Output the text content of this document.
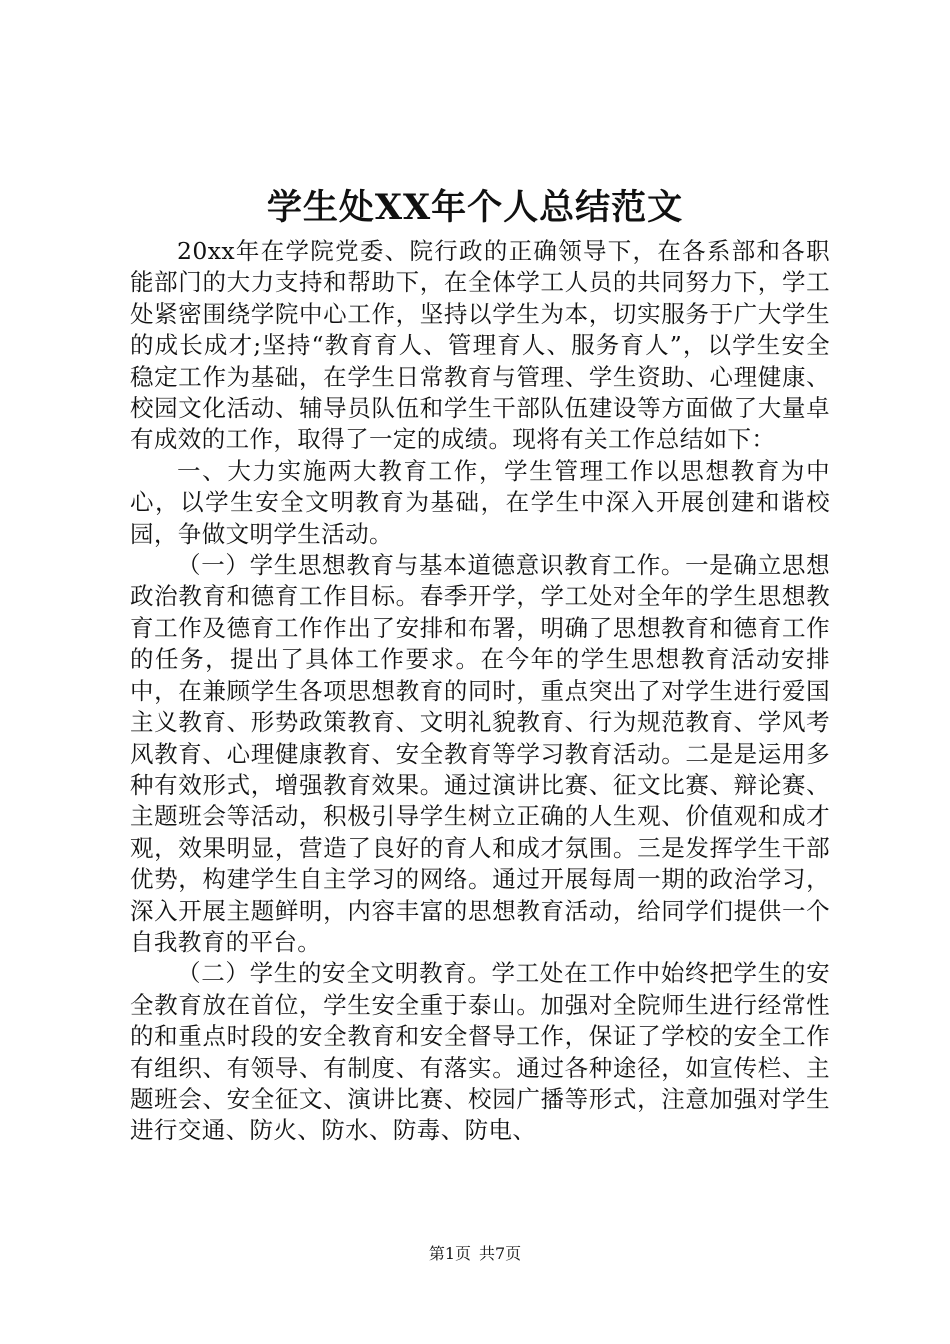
学生处XX年个人总结范文

20xx年在学院党委、院行政的正确领导下，在各系部和各职能部门的大力支持和帮助下，在全体学工人员的共同努力下，学工处紧密围绕学院中心工作，坚持以学生为本，切实服务于广大学生的成长成才;坚持“教育育人、管理育人、服务育人”，以学生安全稳定工作为基础，在学生日常教育与管理、学生资助、心理健康、校园文化活动、辅导员队伍和学生干部队伍建设等方面做了大量卓有成效的工作，取得了一定的成绩。现将有关工作总结如下：

一、大力实施两大教育工作，学生管理工作以思想教育为中心，以学生安全文明教育为基础，在学生中深入开展创建和谐校园，争做文明学生活动。

（一）学生思想教育与基本道德意识教育工作。一是确立思想政治教育和德育工作目标。春季开学，学工处对全年的学生思想教育工作及德育工作作出了安排和布署，明确了思想教育和德育工作的任务，提出了具体工作要求。在今年的学生思想教育活动安排中，在兼顾学生各项思想教育的同时，重点突出了对学生进行爱国主义教育、形势政策教育、文明礼貌教育、行为规范教育、学风考风教育、心理健康教育、安全教育等学习教育活动。二是是运用多种有效形式，增强教育效果。通过演讲比赛、征文比赛、辩论赛、主题班会等活动，积极引导学生树立正确的人生观、价值观和成才观，效果明显，营造了良好的育人和成才氛围。三是发挥学生干部优势，构建学生自主学习的网络。通过开展每周一期的政治学习，深入开展主题鲜明，内容丰富的思想教育活动，给同学们提供一个自我教育的平台。

（二）学生的安全文明教育。学工处在工作中始终把学生的安全教育放在首位，学生安全重于泰山。加强对全院师生进行经常性的和重点时段的安全教育和安全督导工作，保证了学校的安全工作有组织、有领导、有制度、有落实。通过各种途径，如宣传栏、主题班会、安全征文、演讲比赛、校园广播等形式，注意加强对学生进行交通、防火、防水、防毒、防电、

第1页 共7页
